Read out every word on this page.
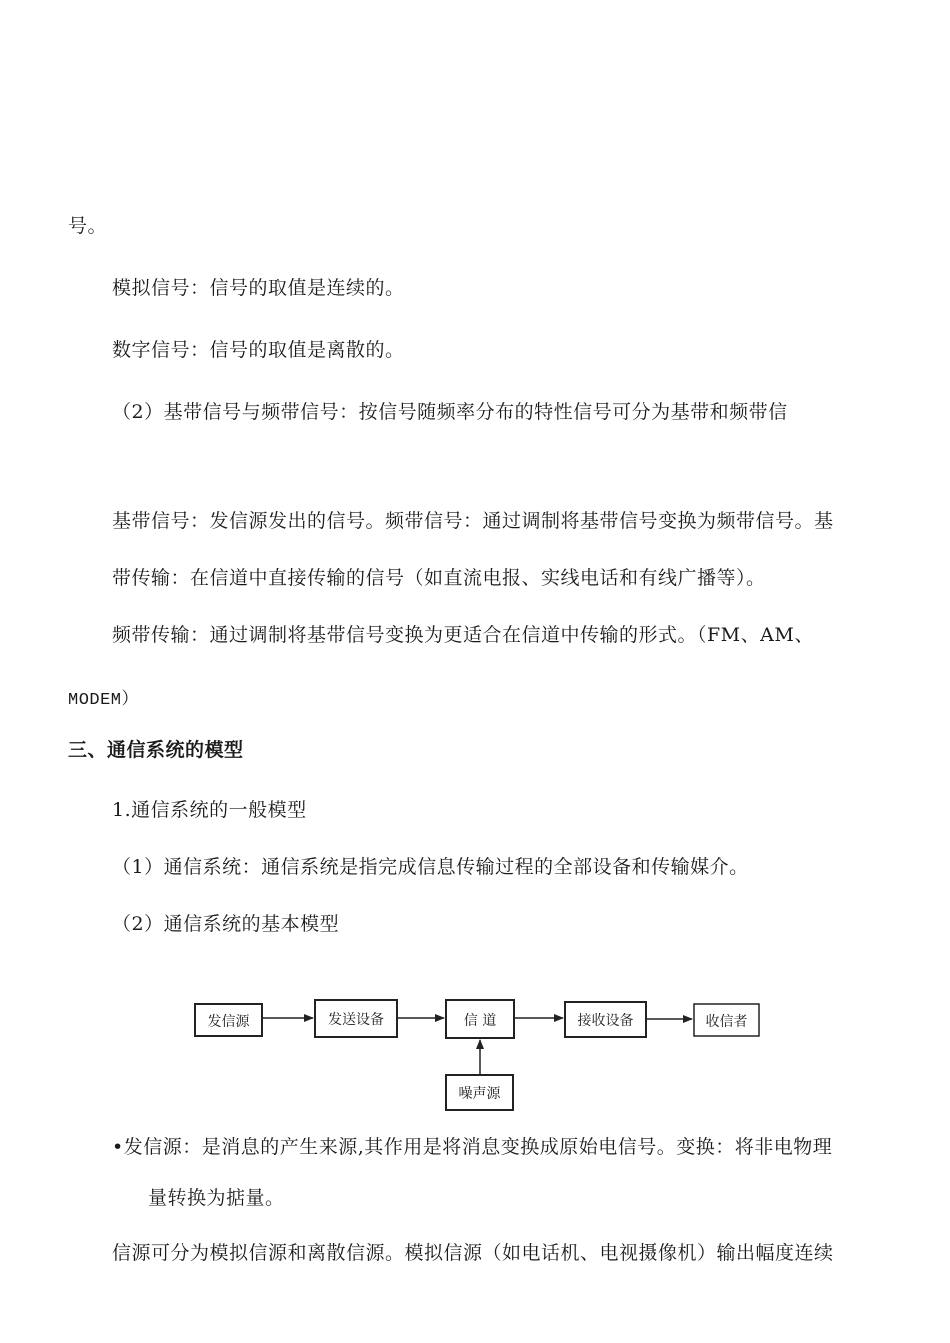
号。
模拟信号：信号的取值是连续的。
数字信号：信号的取值是离散的。
（2）基带信号与频带信号：按信号随频率分布的特性信号可分为基带和频带信
基带信号：发信源发出的信号。频带信号：通过调制将基带信号变换为频带信号。基
带传输：在信道中直接传输的信号（如直流电报、实线电话和有线广播等）。
频带传输：通过调制将基带信号变换为更适合在信道中传输的形式。（FM、AM、
MODEM）
三、通信系统的模型
1.通信系统的一般模型
（1）通信系统：通信系统是指完成信息传输过程的全部设备和传输媒介。
（2）通信系统的基本模型
发信源	发送设备	信 道	接收设备	收信者
噪声源
•发信源：是消息的产生来源,其作用是将消息变换成原始电信号。变换：将非电物理
量转换为掂量。
信源可分为模拟信源和离散信源。模拟信源（如电话机、电视摄像机）输出幅度连续
